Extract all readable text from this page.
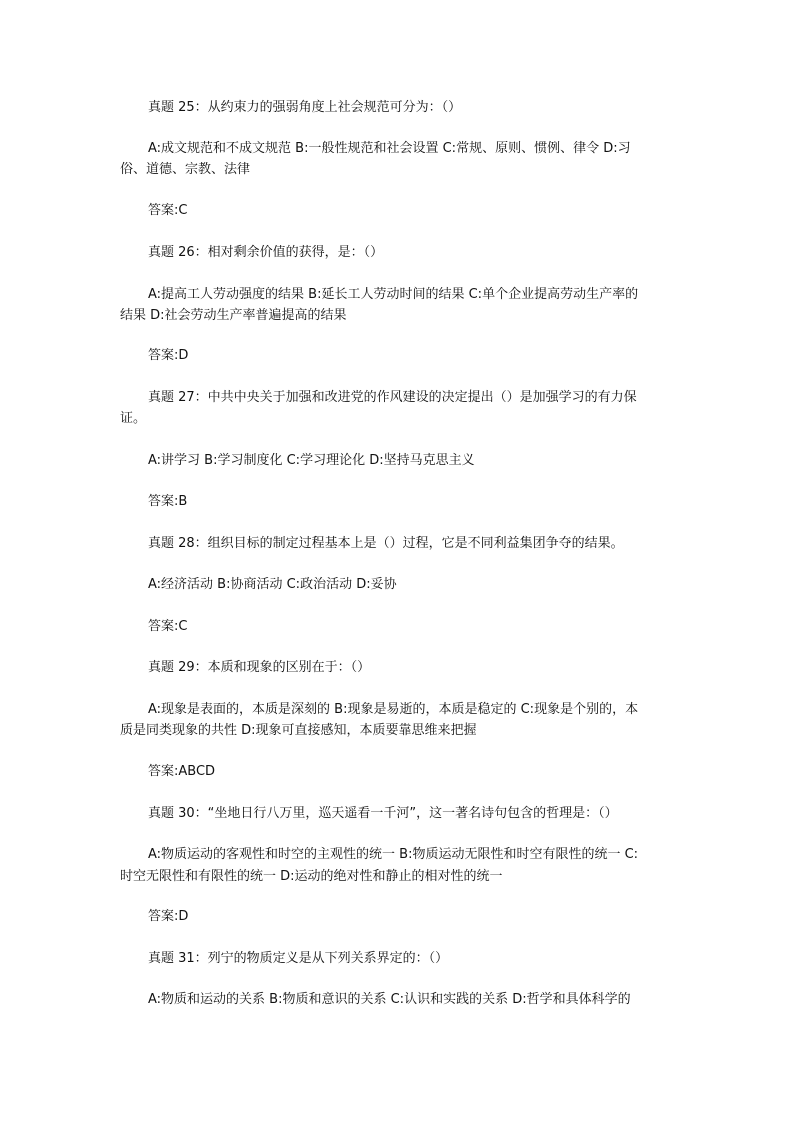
真题 25：从约束力的强弱角度上社会规范可分为：（）
A:成文规范和不成文规范 B:一般性规范和社会设置 C:常规、原则、惯例、律令 D:习
俗、道德、宗教、法律
答案:C
真题 26：相对剩余价值的获得，是：（）
A:提高工人劳动强度的结果 B:延长工人劳动时间的结果 C:单个企业提高劳动生产率的
结果 D:社会劳动生产率普遍提高的结果
答案:D
真题 27：中共中央关于加强和改进党的作风建设的决定提出（）是加强学习的有力保
证。
A:讲学习 B:学习制度化 C:学习理论化 D:坚持马克思主义
答案:B
真题 28：组织目标的制定过程基本上是（）过程，它是不同利益集团争夺的结果。
A:经济活动 B:协商活动 C:政治活动 D:妥协
答案:C
真题 29：本质和现象的区别在于：（）
A:现象是表面的，本质是深刻的 B:现象是易逝的，本质是稳定的 C:现象是个别的，本
质是同类现象的共性 D:现象可直接感知，本质要靠思维来把握
答案:ABCD
真题 30：“坐地日行八万里，巡天遥看一千河”，这一著名诗句包含的哲理是：（）
A:物质运动的客观性和时空的主观性的统一 B:物质运动无限性和时空有限性的统一 C:
时空无限性和有限性的统一 D:运动的绝对性和静止的相对性的统一
答案:D
真题 31：列宁的物质定义是从下列关系界定的：（）
A:物质和运动的关系 B:物质和意识的关系 C:认识和实践的关系 D:哲学和具体科学的
